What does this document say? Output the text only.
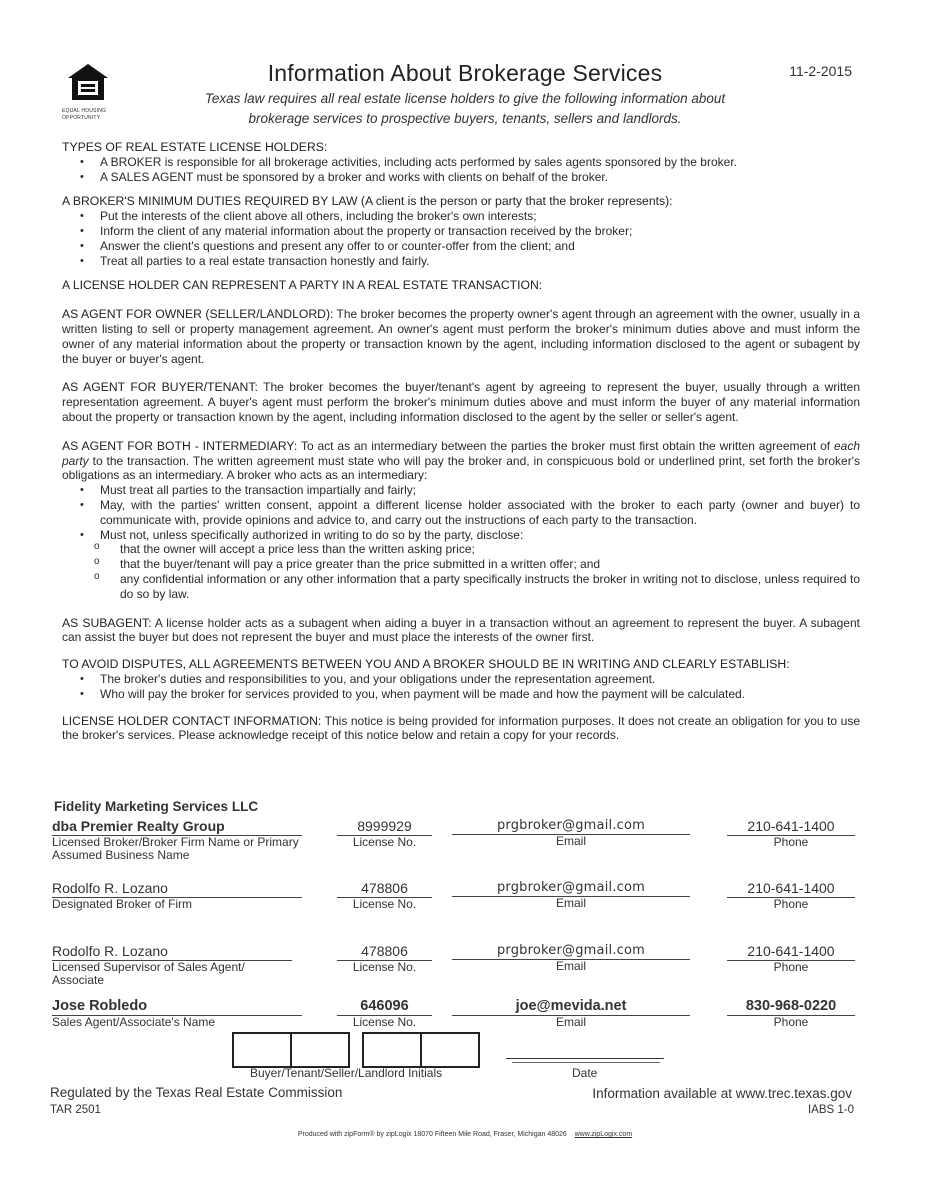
EQUAL HOUSING
OPPORTUNITY
Information About Brokerage Services	11-2-2015
Texas law requires all real estate license holders to give the following information about
brokerage services to prospective buyers, tenants, sellers and landlords.
TYPES OF REAL ESTATE LICENSE HOLDERS:
• A BROKER is responsible for all brokerage activities, including acts performed by sales agents sponsored by the broker.
• A SALES AGENT must be sponsored by a broker and works with clients on behalf of the broker.
A BROKER'S MINIMUM DUTIES REQUIRED BY LAW (A client is the person or party that the broker represents):
• Put the interests of the client above all others, including the broker's own interests;
• Inform the client of any material information about the property or transaction received by the broker;
• Answer the client's questions and present any offer to or counter-offer from the client; and
• Treat all parties to a real estate transaction honestly and fairly.
A LICENSE HOLDER CAN REPRESENT A PARTY IN A REAL ESTATE TRANSACTION:

AS AGENT FOR OWNER (SELLER/LANDLORD): The broker becomes the property owner's agent through an agreement with the owner, usually in a written listing to sell or property management agreement. An owner's agent must perform the broker's minimum duties above and must inform the owner of any material information about the property or transaction known by the agent, including information disclosed to the agent or subagent by the buyer or buyer's agent.

AS AGENT FOR BUYER/TENANT: The broker becomes the buyer/tenant's agent by agreeing to represent the buyer, usually through a written representation agreement. A buyer's agent must perform the broker's minimum duties above and must inform the buyer of any material information about the property or transaction known by the agent, including information disclosed to the agent by the seller or seller's agent.

AS AGENT FOR BOTH - INTERMEDIARY: To act as an intermediary between the parties the broker must first obtain the written agreement of each party to the transaction. The written agreement must state who will pay the broker and, in conspicuous bold or underlined print, set forth the broker's obligations as an intermediary. A broker who acts as an intermediary:

• Must treat all parties to the transaction impartially and fairly;
• May, with the parties' written consent, appoint a different license holder associated with the broker to each party (owner and buyer) to communicate with, provide opinions and advice to, and carry out the instructions of each party to the transaction.
• Must not, unless specifically authorized in writing to do so by the party, disclose:
o that the owner will accept a price less than the written asking price;
o that the buyer/tenant will pay a price greater than the price submitted in a written offer; and
o any confidential information or any other information that a party specifically instructs the broker in writing not to disclose, unless required to do so by law.

AS SUBAGENT: A license holder acts as a subagent when aiding a buyer in a transaction without an agreement to represent the buyer. A subagent can assist the buyer but does not represent the buyer and must place the interests of the owner first.

TO AVOID DISPUTES, ALL AGREEMENTS BETWEEN YOU AND A BROKER SHOULD BE IN WRITING AND CLEARLY ESTABLISH:
• The broker's duties and responsibilities to you, and your obligations under the representation agreement.
• Who will pay the broker for services provided to you, when payment will be made and how the payment will be calculated.

LICENSE HOLDER CONTACT INFORMATION: This notice is being provided for information purposes. It does not create an obligation for you to use the broker's services. Please acknowledge receipt of this notice below and retain a copy for your records.

Fidelity Marketing Services LLC
dba Premier Realty Group
Licensed Broker/Broker Firm Name or Primary Assumed Business Name
8999929
License No.
prgbroker@gmail.com
Email
210-641-1400
Phone
Rodolfo R. Lozano
Designated Broker of Firm
478806
License No.
prgbroker@gmail.com
Email
210-641-1400
Phone
Rodolfo R. Lozano
Licensed Supervisor of Sales Agent/ Associate
478806
License No.
prgbroker@gmail.com
Email
210-641-1400
Phone
Jose Robledo
Sales Agent/Associate's Name
646096
License No.
joe@mevida.net
Email
830-968-0220
Phone
Buyer/Tenant/Seller/Landlord Initials	Date
Regulated by the Texas Real Estate Commission
TAR 2501
Information available at www.trec.texas.gov
IABS 1-0
Produced with zipForm® by zipLogix 18070 Fifteen Mile Road, Fraser, Michigan 48026 www.zipLogix.com
